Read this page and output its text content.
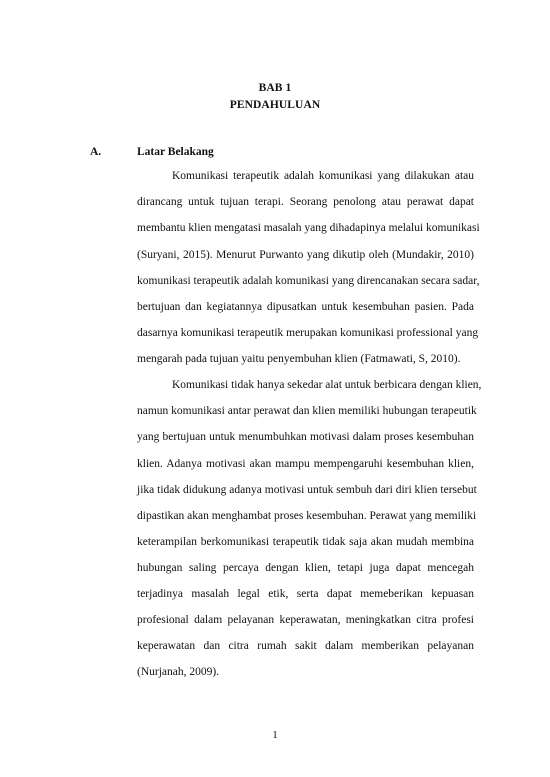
BAB 1
PENDAHULUAN
A.	Latar Belakang
Komunikasi terapeutik adalah komunikasi yang dilakukan atau
dirancang untuk tujuan terapi. Seorang penolong atau perawat dapat
membantu klien mengatasi masalah yang dihadapinya melalui komunikasi
(Suryani, 2015). Menurut Purwanto yang dikutip oleh (Mundakir, 2010)
komunikasi terapeutik adalah komunikasi yang direncanakan secara sadar,
bertujuan dan kegiatannya dipusatkan untuk kesembuhan pasien. Pada
dasarnya komunikasi terapeutik merupakan komunikasi professional yang
mengarah pada tujuan yaitu penyembuhan klien (Fatmawati, S, 2010).
Komunikasi tidak hanya sekedar alat untuk berbicara dengan klien,
namun komunikasi antar perawat dan klien memiliki hubungan terapeutik
yang bertujuan untuk menumbuhkan motivasi dalam proses kesembuhan
klien. Adanya motivasi akan mampu mempengaruhi kesembuhan klien,
jika tidak didukung adanya motivasi untuk sembuh dari diri klien tersebut
dipastikan akan menghambat proses kesembuhan. Perawat yang memiliki
keterampilan berkomunikasi terapeutik tidak saja akan mudah membina
hubungan saling percaya dengan klien, tetapi juga dapat mencegah
terjadinya masalah legal etik, serta dapat memeberikan kepuasan
profesional dalam pelayanan keperawatan, meningkatkan citra profesi
keperawatan dan citra rumah sakit dalam memberikan pelayanan
(Nurjanah, 2009).
1
